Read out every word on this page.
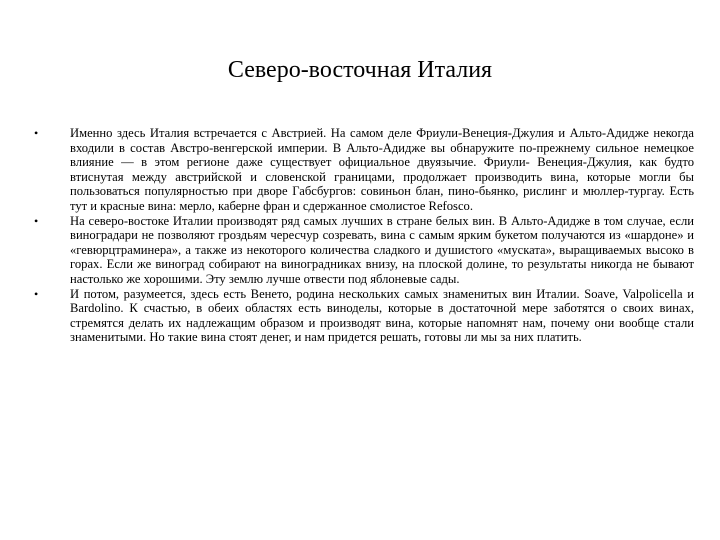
Северо-восточная Италия
•	Именно здесь Италия встречается с Австрией. На самом деле Фриули-Венеция-Джулия и Альто-Адидже некогда входили в состав Австро-венгерской империи. В Альто-Адидже вы обнаружите по-прежнему сильное немецкое влияние — в этом регионе даже существует официальное двуязычие. Фриули- Венеция-Джулия, как будто втиснутая между австрийской и словенской границами, продолжает производить вина, которые могли бы пользоваться популярностью при дворе Габсбургов: совиньон блан, пино-бьянко, рислинг и мюллер-тургау. Есть тут и красные вина: мерло, каберне фран и сдержанное смолистое Refosco.
•	На северо-востоке Италии производят ряд самых лучших в стране белых вин. В Альто-Адидже в том случае, если виноградари не позволяют гроздьям чересчур созревать, вина с самым ярким букетом получаются из «шардоне» и «гевюрцтраминера», а также из некоторого количества сладкого и душистого «муската», выращиваемых высоко в горах. Если же виноград собирают на виноградниках внизу, на плоской долине, то результаты никогда не бывают настолько же хорошими. Эту землю лучше отвести под яблоневые сады.
•	И потом, разумеется, здесь есть Венето, родина нескольких самых знаменитых вин Италии. Soave, Valpolicella и Bardolino. К счастью, в обеих областях есть виноделы, которые в достаточной мере заботятся о своих винах, стремятся делать их надлежащим образом и производят вина, которые напомнят нам, почему они вообще стали знаменитыми. Но такие вина стоят денег, и нам придется решать, готовы ли мы за них платить.
